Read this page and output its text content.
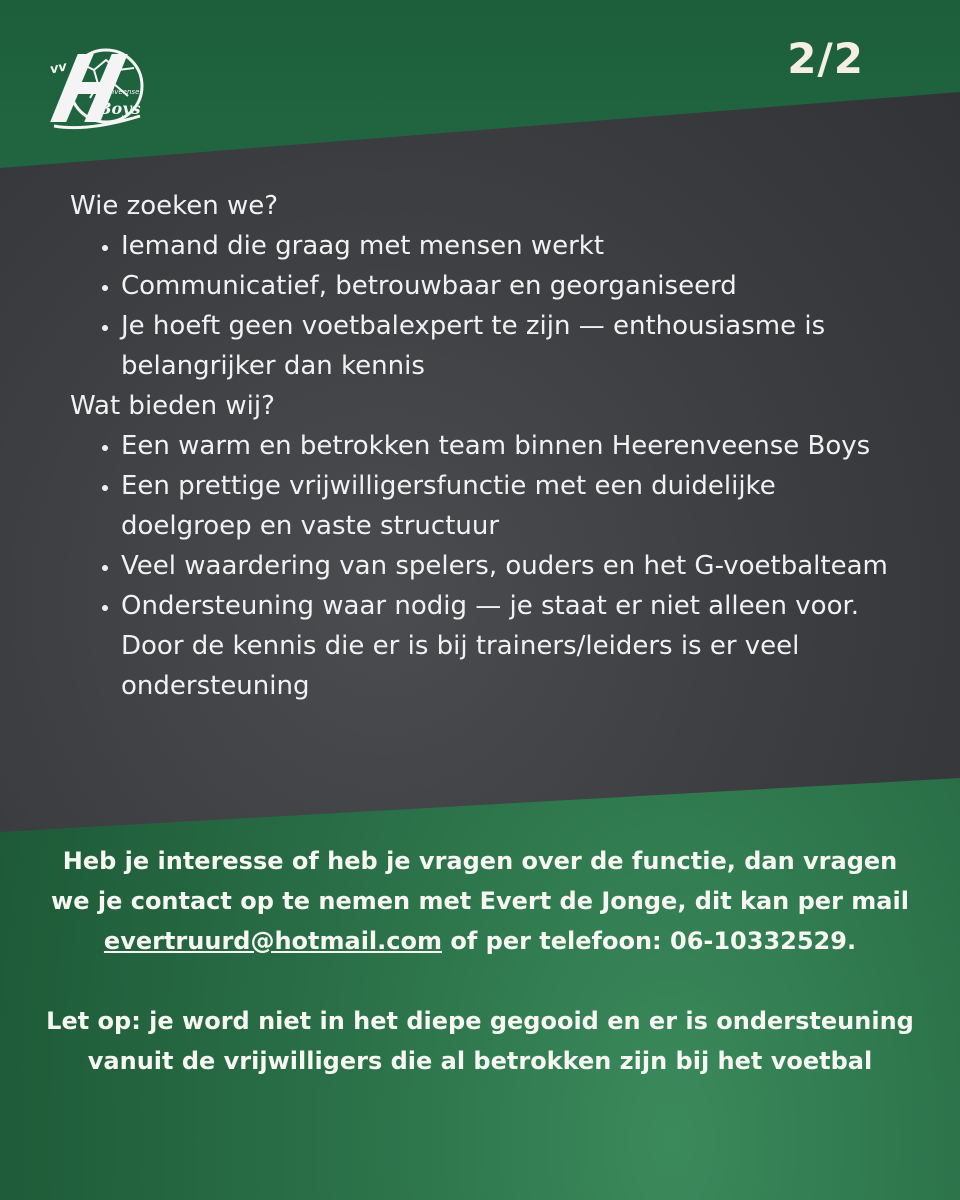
vv
eerenveense
Boys
2/2

Wie zoeken we?

• Iemand die graag met mensen werkt
• Communicatief, betrouwbaar en georganiseerd
• Je hoeft geen voetbalexpert te zijn — enthousiasme is belangrijker dan kennis

Wat bieden wij?

• Een warm en betrokken team binnen Heerenveense Boys
• Een prettige vrijwilligersfunctie met een duidelijke doelgroep en vaste structuur
• Veel waardering van spelers, ouders en het G-voetbalteam
• Ondersteuning waar nodig — je staat er niet alleen voor. Door de kennis die er is bij trainers/leiders is er veel ondersteuning

Heb je interesse of heb je vragen over de functie, dan vragen we je contact op te nemen met Evert de Jonge, dit kan per mail evertruurd@hotmail.com of per telefoon: 06-10332529.

Let op: je word niet in het diepe gegooid en er is ondersteuning vanuit de vrijwilligers die al betrokken zijn bij het voetbal
